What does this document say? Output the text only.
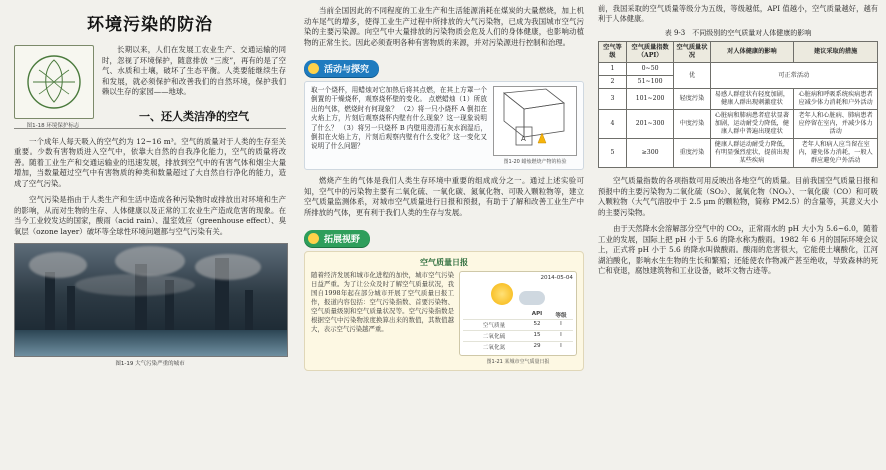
环境污染的防治
图1-18 环境保护标志

长期以来，人们在发展工农业生产、交通运输的同时，忽视了环境保护，随意排放 “三废”，再有的是了空气、水质和土壤，破坏了生态平衡。人类要能继续生存和发展，就必须保护和改善我们的自然环境，保护我们赖以生存的家园——地球。

一、还人类洁净的空气

一个成年人每天吸入的空气约为 12~16 m³。空气的质量对于人类的生存至关重要。少数有害物质进入空气中，依靠大自然的自我净化能力，空气的质量将改善。随着工业生产和交通运输业的迅速发展，排放到空气中的有害气体和烟尘大量增加，当数量超过空气中有害物质的种类和数量超过了大自然自行净化的能力，造成了空气污染。

空气污染是指由于人类生产和生活中造成各种污染物时或排放出对环境和生产的影响，从而对生物的生存、人体健康以及正常的工农业生产造成危害的现象。在当今工业较发达的国家，酸雨（acid rain）、温室效应（greenhouse effect）、臭氧层（ozone layer）破坏等全球性环境问题都与空气污染有关。

图1-19 大气污染严重的城市

当前全国因此的不同程度的工业生产和生活能源消耗在煤炭的大量燃烧，加上机动车尾气的增多，使得工业生产过程中所排放的大气污染物，已成为我国城市空气污染的主要污染源。向空气中大量排放的污染物质会危及人们的身体健康，也影响动植物的正常生长。因此必须查明各种有害物质的来源，并对污染源进行控制和治理。

活动与探究
取一个烧杯，用蜡烛对它加热后将其点燃，在其上方罩一个倒置的干燥烧杯，观察烧杯壁的变化。 点燃蜡烛（1）所放出的气体，燃烧时有何现象？ （2）将一只小烧杯 A 倒扣在火焰上方，片刻后观察烧杯内壁有什么现象？这一现象说明了什么？ （3）将另一只烧杯 B 内壁用澄清石灰水润湿后，倒扣在火焰上方，片刻后观察内壁有什么变化？这一变化又说明了什么问题？
A
图1-20 蜡烛燃烧产物的检验

燃烧产生的气体是我们人类生存环境中重要的组成成分之一。通过上述实验可知，空气中的污染物主要有二氧化硫、一氧化碳、氮氧化物、可吸入颗粒物等，建立空气质量监测体系，对城市空气质量进行日报和预报，有助于了解和改善工业生产中所排放的气体，更有利于我们人类的生存与发展。

拓展视野
空气质量日报
随着经济发展和城市化进程的加快，城市空气污染日益严重。为了让公众及时了解空气质量状况，我国自1998年起在部分城市开展了空气质量日报工作，报道内容包括：空气污染指数、首要污染物、空气质量级别和空气质量状况等。空气污染指数是根据空气中污染物浓度换算出来的数值，其数值越大，表示空气污染越严重。
2014-05-04

API	等级
空气质量	52	Ⅰ
二氧化硫	15	Ⅰ
二氧化氮	29	Ⅰ
图1-21 某城市空气质量日报

前，我国采取的空气质量等级分为五级，等级越低，API 值越小，空气质量越好，越有利于人体健康。

表 9-3　不同级别的空气质量对人体健康的影响
空气等级	空气质量指数（API）	空气质量状况	对人体健康的影响	建议采取的措施
1	0~50	优	可正常活动	
2	51~100			
3	101~200	轻度污染	易感人群症状有轻度加剧，健康人群出现刺激症状	心脏病和呼吸系统疾病患者应减少体力消耗和户外活动
4	201~300	中度污染	心脏病和肺病患者症状显著加剧，运动耐受力降低，健康人群中普遍出现症状	老年人和心脏病、肺病患者应停留在室内，并减少体力活动
5	≥300	重度污染	健康人群运动耐受力降低，有明显强烈症状，提前出现某些疾病	老年人和病人应当留在室内，避免体力消耗，一般人群应避免户外活动

空气质量指数的各项指数可用反映出各地空气的质量。目前我国空气质量日报和预报中的主要污染物为二氧化硫（SO₂）、氮氧化物（NOₓ）、一氧化碳（CO）和可吸入颗粒物（大气气溶胶中于 2.5 μm 的颗粒物，简称 PM2.5）的含量等，其意义大小的主要污染物。

由于天然降水会溶解部分空气中的 CO₂，正常雨水的 pH 大小为 5.6~6.0，随着工业的发展，国际上把 pH 小于 5.6 的降水称为酸雨。1982 年 6 月的国际环境会议上，正式将 pH 小于 5.6 的降水叫做酸雨。酸雨的危害很大，它能使土壤酸化，江河湖泊酸化，影响水生生物的生长和繁殖；还能使农作物减产甚至绝收，导致森林的死亡和衰退，腐蚀建筑物和工业设备，破坏文物古迹等。
